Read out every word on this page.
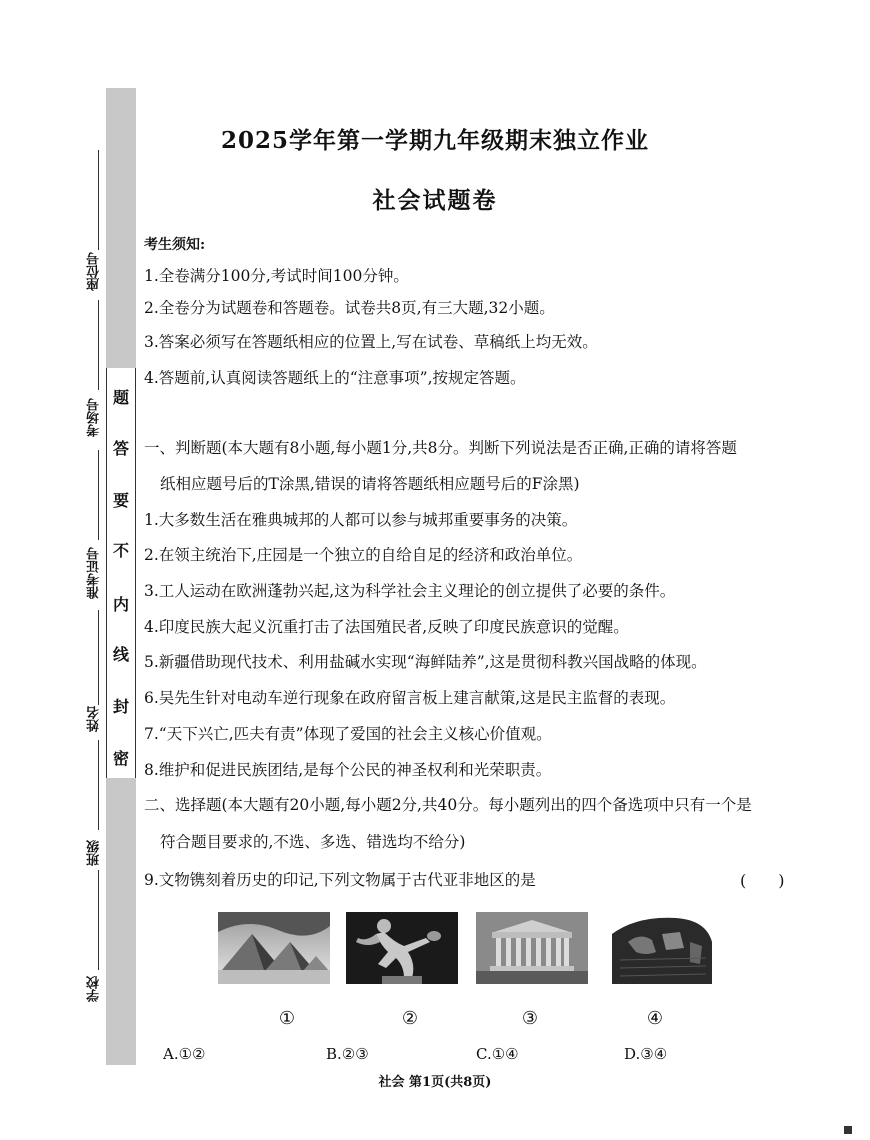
题
答
要
不
内
线
封
密
座位号
考场号
准考证号
姓名
班级
学校
2025学年第一学期九年级期末独立作业
社会试题卷
考生须知:
1.全卷满分100分,考试时间100分钟。
2.全卷分为试题卷和答题卷。试卷共8页,有三大题,32小题。
3.答案必须写在答题纸相应的位置上,写在试卷、草稿纸上均无效。
4.答题前,认真阅读答题纸上的“注意事项”,按规定答题。
一、判断题(本大题有8小题,每小题1分,共8分。判断下列说法是否正确,正确的请将答题
纸相应题号后的T涂黑,错误的请将答题纸相应题号后的F涂黑)
1.大多数生活在雅典城邦的人都可以参与城邦重要事务的决策。
2.在领主统治下,庄园是一个独立的自给自足的经济和政治单位。
3.工人运动在欧洲蓬勃兴起,这为科学社会主义理论的创立提供了必要的条件。
4.印度民族大起义沉重打击了法国殖民者,反映了印度民族意识的觉醒。
5.新疆借助现代技术、利用盐碱水实现“海鲜陆养”,这是贯彻科教兴国战略的体现。
6.吴先生针对电动车逆行现象在政府留言板上建言献策,这是民主监督的表现。
7.“天下兴亡,匹夫有责”体现了爱国的社会主义核心价值观。
8.维护和促进民族团结,是每个公民的神圣权利和光荣职责。
二、选择题(本大题有20小题,每小题2分,共40分。每小题列出的四个备选项中只有一个是
符合题目要求的,不选、多选、错选均不给分)
9.文物镌刻着历史的印记,下列文物属于古代亚非地区的是	(　　)
①	②	③	④
A.①②	B.②③	C.①④	D.③④
社会 第1页(共8页)
